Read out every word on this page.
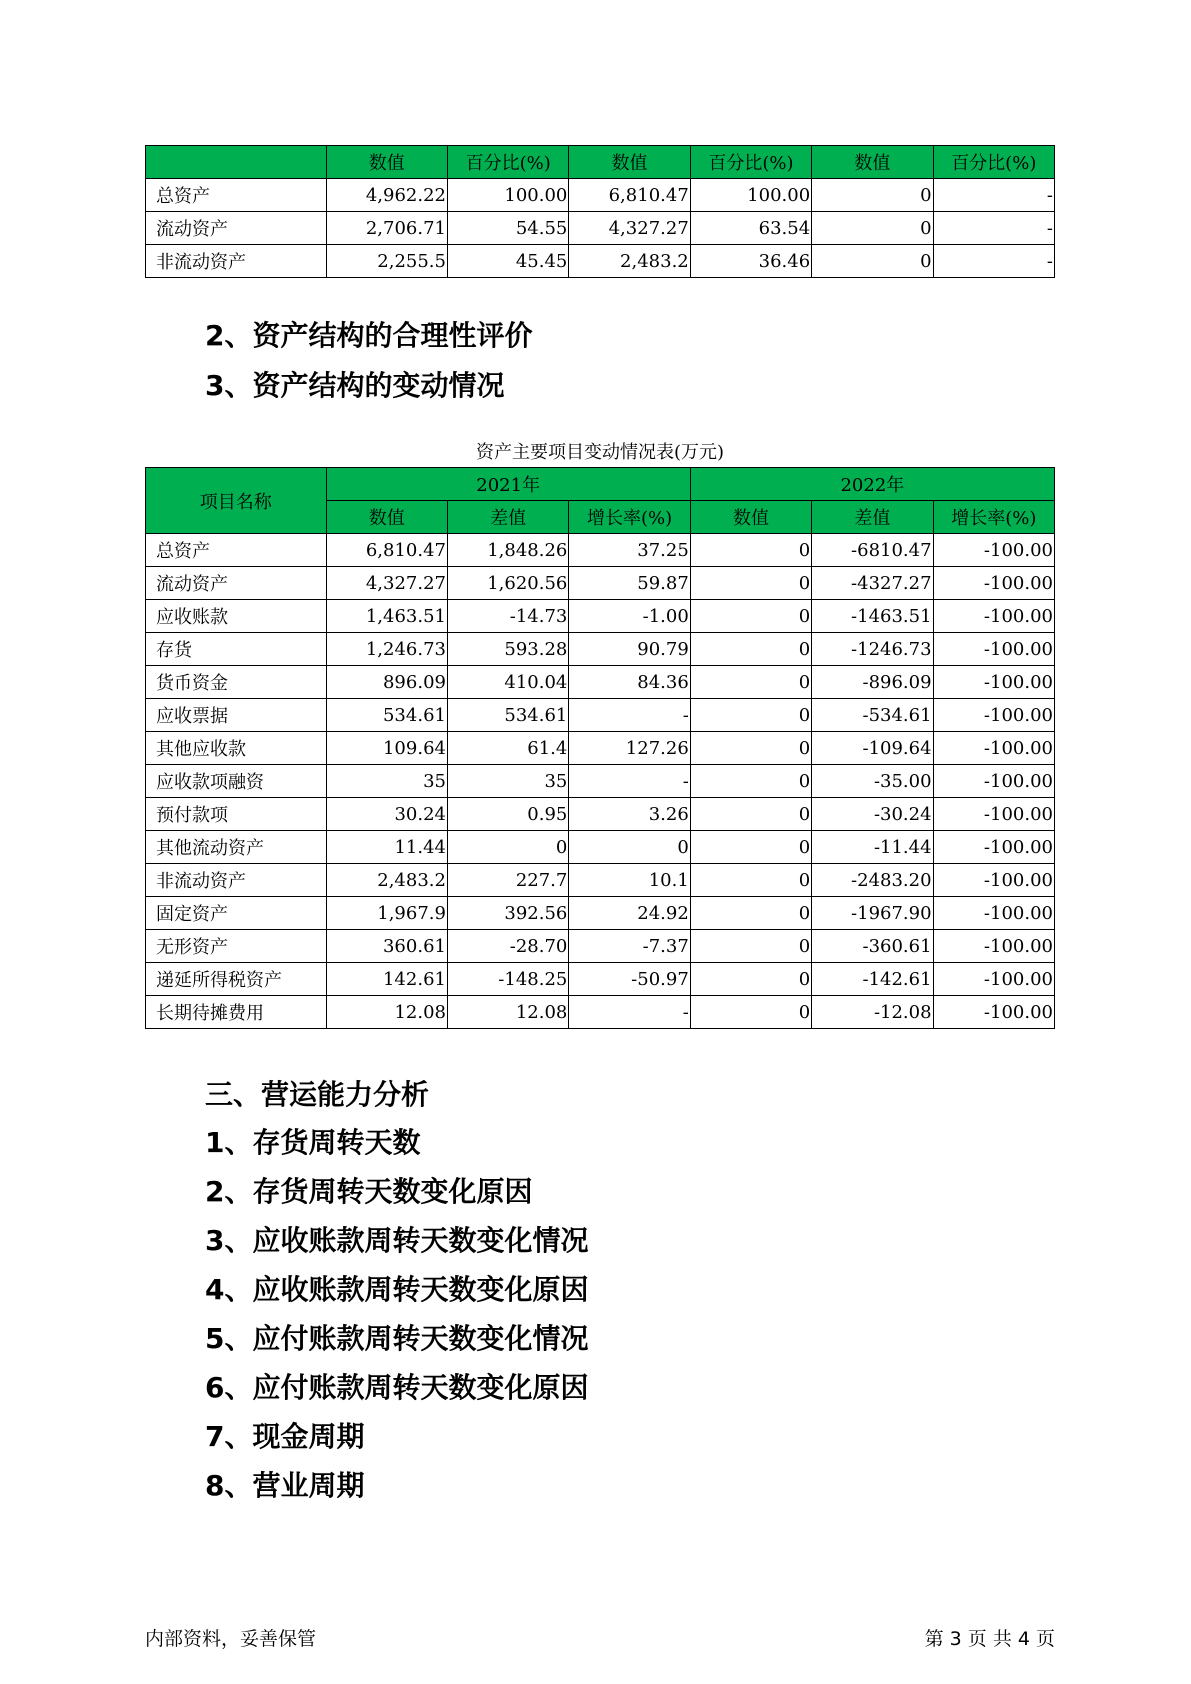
	数值	百分比(%)	数值	百分比(%)	数值	百分比(%)
总资产	4,962.22	100.00	6,810.47	100.00	0	-
流动资产	2,706.71	54.55	4,327.27	63.54	0	-
非流动资产	2,255.5	45.45	2,483.2	36.46	0	-
2、资产结构的合理性评价
3、资产结构的变动情况
资产主要项目变动情况表(万元)
项目名称	2021年			2022年		
	数值	差值	增长率(%)	数值	差值	增长率(%)
总资产	6,810.47	1,848.26	37.25	0	-6810.47	-100.00
流动资产	4,327.27	1,620.56	59.87	0	-4327.27	-100.00
应收账款	1,463.51	-14.73	-1.00	0	-1463.51	-100.00
存货	1,246.73	593.28	90.79	0	-1246.73	-100.00
货币资金	896.09	410.04	84.36	0	-896.09	-100.00
应收票据	534.61	534.61	-	0	-534.61	-100.00
其他应收款	109.64	61.4	127.26	0	-109.64	-100.00
应收款项融资	35	35	-	0	-35.00	-100.00
预付款项	30.24	0.95	3.26	0	-30.24	-100.00
其他流动资产	11.44	0	0	0	-11.44	-100.00
非流动资产	2,483.2	227.7	10.1	0	-2483.20	-100.00
固定资产	1,967.9	392.56	24.92	0	-1967.90	-100.00
无形资产	360.61	-28.70	-7.37	0	-360.61	-100.00
递延所得税资产	142.61	-148.25	-50.97	0	-142.61	-100.00
长期待摊费用	12.08	12.08	-	0	-12.08	-100.00
三、营运能力分析
1、存货周转天数
2、存货周转天数变化原因
3、应收账款周转天数变化情况
4、应收账款周转天数变化原因
5、应付账款周转天数变化情况
6、应付账款周转天数变化原因
7、现金周期
8、营业周期
内部资料，妥善保管	第 3 页 共 4 页
